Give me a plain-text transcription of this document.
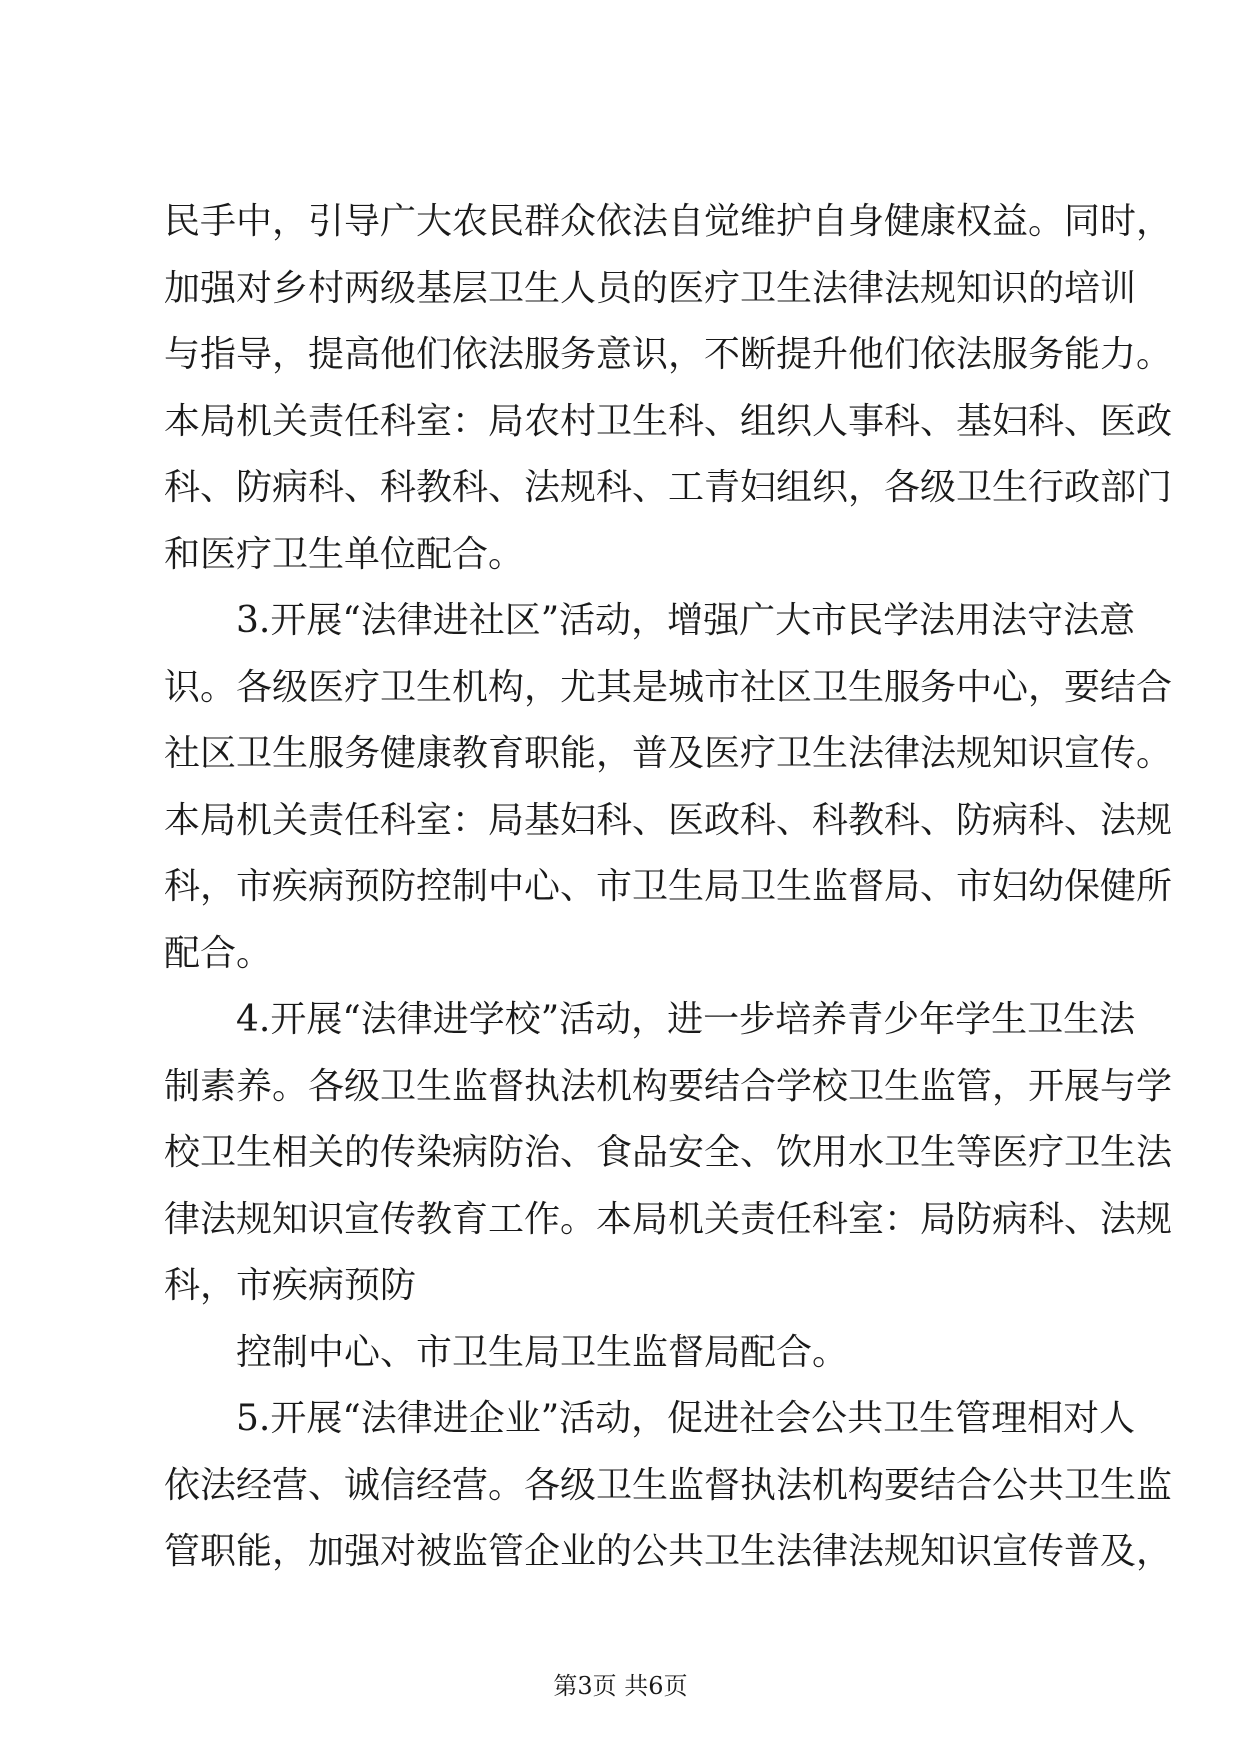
民手中，引导广大农民群众依法自觉维护自身健康权益。同时，
加强对乡村两级基层卫生人员的医疗卫生法律法规知识的培训
与指导，提高他们依法服务意识，不断提升他们依法服务能力。
本局机关责任科室：局农村卫生科、组织人事科、基妇科、医政
科、防病科、科教科、法规科、工青妇组织，各级卫生行政部门
和医疗卫生单位配合。
3.开展“法律进社区”活动，增强广大市民学法用法守法意
识。各级医疗卫生机构，尤其是城市社区卫生服务中心，要结合
社区卫生服务健康教育职能，普及医疗卫生法律法规知识宣传。
本局机关责任科室：局基妇科、医政科、科教科、防病科、法规
科，市疾病预防控制中心、市卫生局卫生监督局、市妇幼保健所
配合。
4.开展“法律进学校”活动，进一步培养青少年学生卫生法
制素养。各级卫生监督执法机构要结合学校卫生监管，开展与学
校卫生相关的传染病防治、食品安全、饮用水卫生等医疗卫生法
律法规知识宣传教育工作。本局机关责任科室：局防病科、法规
科，市疾病预防
控制中心、市卫生局卫生监督局配合。
5.开展“法律进企业”活动，促进社会公共卫生管理相对人
依法经营、诚信经营。各级卫生监督执法机构要结合公共卫生监
管职能，加强对被监管企业的公共卫生法律法规知识宣传普及，
第3页 共6页
